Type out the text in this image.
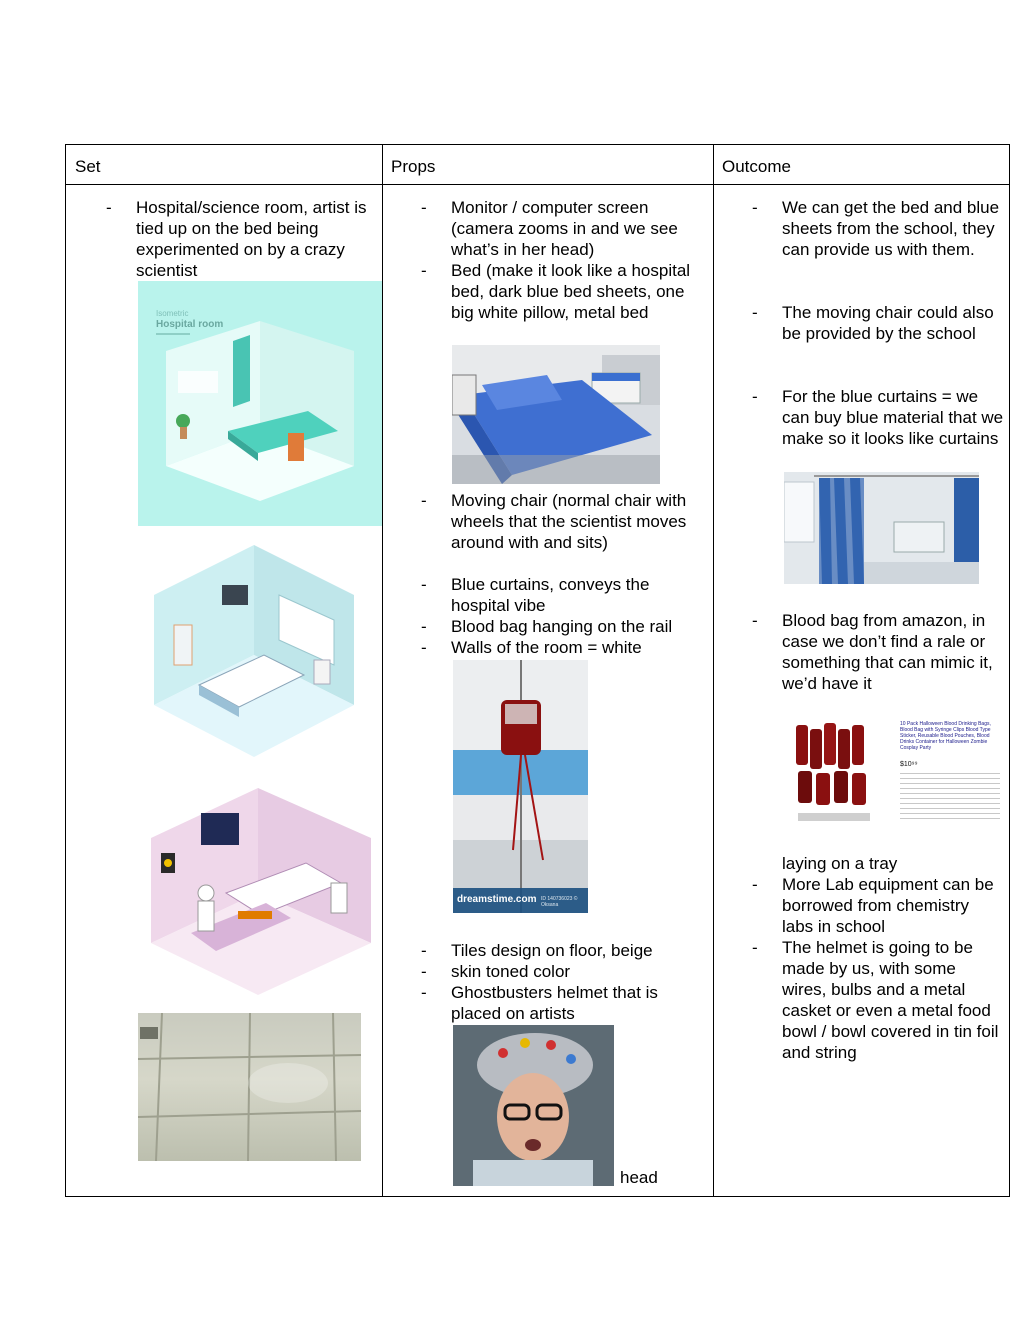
Set	Props	Outcome
- Hospital/science room, artist is tied up on the bed being experimented on by a crazy scientist
Isometric
Hospital room
- Monitor / computer screen (camera zooms in and we see what’s in her head)
- Bed (make it look like a hospital bed, dark blue bed sheets, one big white pillow, metal bed
- Moving chair (normal chair with wheels that the scientist moves around with and sits)
- Blue curtains, conveys the hospital vibe
- Blood bag hanging on the rail
- Walls of the room = white
dreamstime.com ID 140736023 © Oksana
- Tiles design on floor, beige
- skin toned color
- Ghostbusters helmet that is placed on artists
head
- We can get the bed and blue sheets from the school, they can provide us with them.
- The moving chair could also be provided by the school
- For the blue curtains = we can buy blue material that we make so it looks like curtains
- Blood bag from amazon, in case we don’t find a rale or something that can mimic it, we’d have it
10 Pack Halloween Blood Drinking Bags, Blood Bag with Syringe Clips Blood Type Sticker, Reusable Blood Pouches, Blood Drinks Container for Halloween Zombie Cosplay Party
$10⁹⁹
laying on a tray
- More Lab equipment can be borrowed from chemistry labs in school
- The helmet is going to be made by us, with some wires, bulbs and a metal casket or even a metal food bowl / bowl covered in tin foil and string
